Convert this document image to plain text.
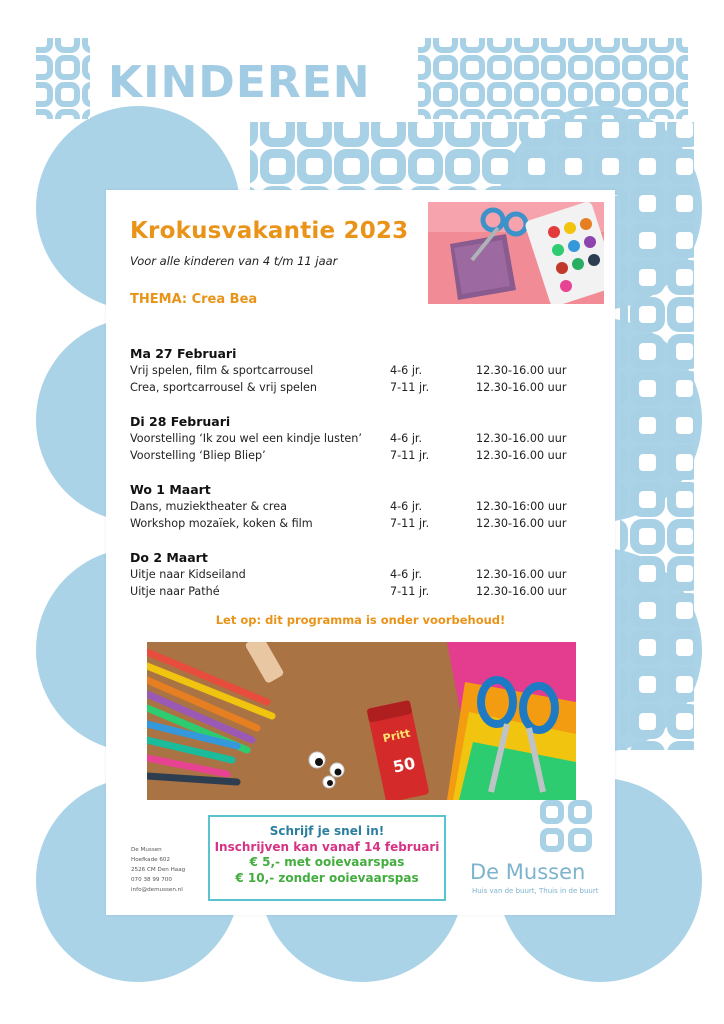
KINDEREN
Krokusvakantie 2023
Voor alle kinderen van 4 t/m 11 jaar
THEMA: Crea Bea
Ma 27 Februari
Vrij spelen, film & sportcarrousel	4-6 jr.	12.30-16.00 uur
Crea, sportcarrousel & vrij spelen	7-11 jr.	12.30-16.00 uur
Di 28 Februari
Voorstelling ‘Ik zou wel een kindje lusten’	4-6 jr.	12.30-16.00 uur
Voorstelling ‘Bliep Bliep’	7-11 jr.	12.30-16.00 uur
Wo 1 Maart
Dans, muziektheater & crea	4-6 jr.	12.30-16:00 uur
Workshop mozaïek, koken & film	7-11 jr.	12.30-16.00 uur
Do 2 Maart
Uitje naar Kidseiland	4-6 jr.	12.30-16.00 uur
Uitje naar Pathé	7-11 jr.	12.30-16.00 uur
Let op: dit programma is onder voorbehoud!
Pritt
50
De Mussen
Hoefkade 602
2526 CM Den Haag
070 38 99 700
info@demussen.nl
Schrijf je snel in!
Inschrijven kan vanaf 14 februari
€ 5,- met ooievaarspas
€ 10,- zonder ooievaarspas	De Mussen
Huis van de buurt, Thuis in de buurt
